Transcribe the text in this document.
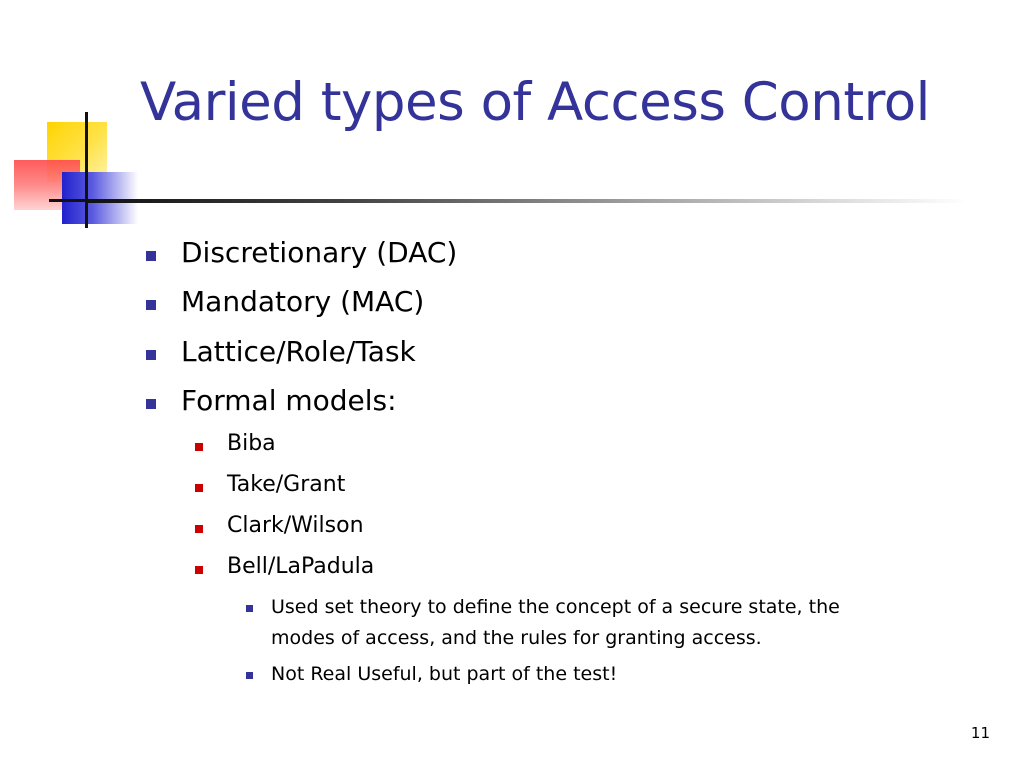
Varied types of Access Control
Discretionary (DAC)
Mandatory (MAC)
Lattice/Role/Task
Formal models:
Biba
Take/Grant
Clark/Wilson
Bell/LaPadula
Used set theory to define the concept of a secure state, the
modes of access, and the rules for granting access.
Not Real Useful, but part of the test!
11
